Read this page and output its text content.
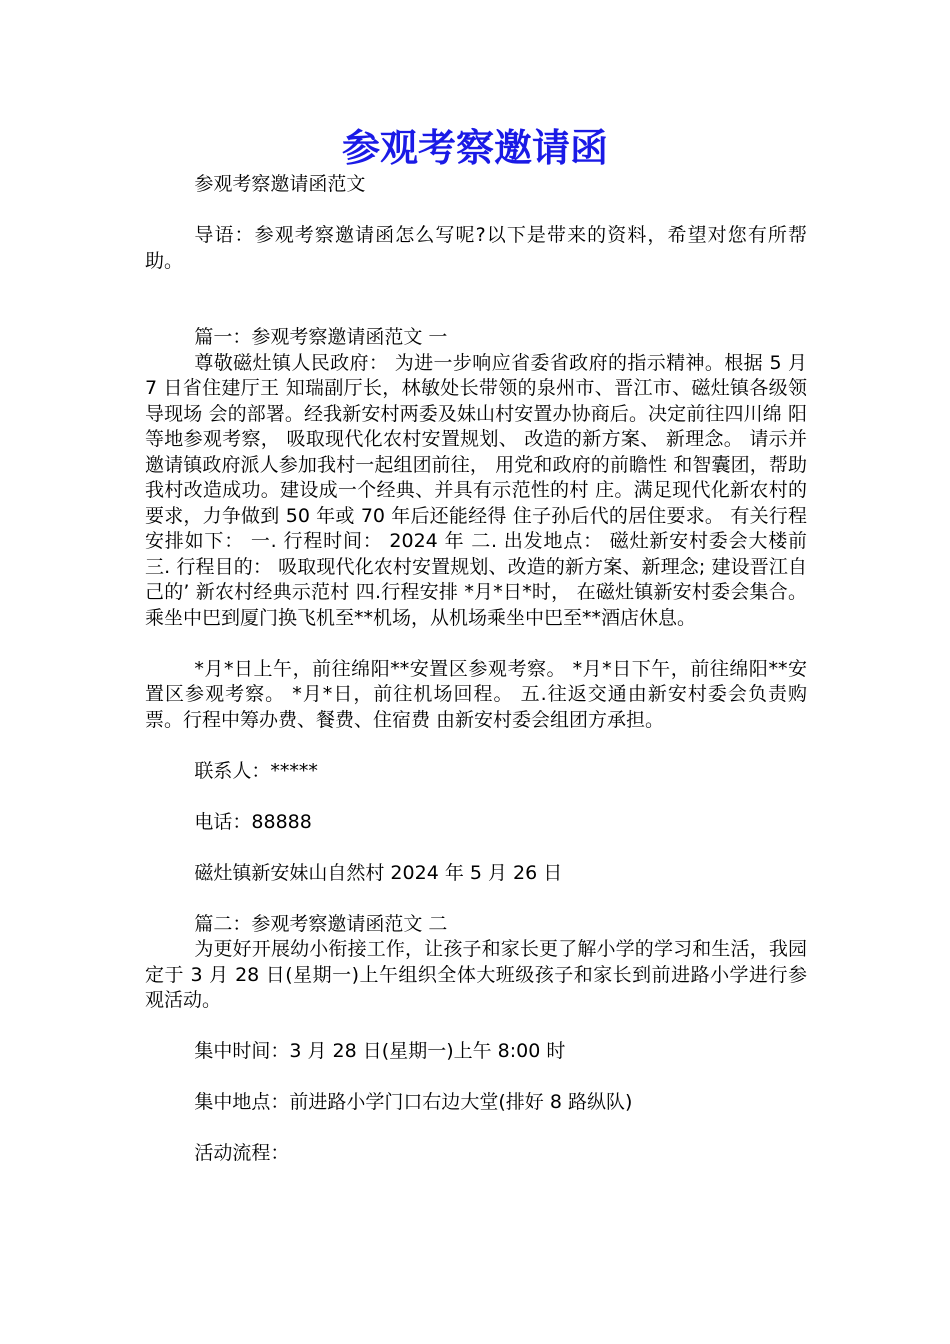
参观考察邀请函

参观考察邀请函范文

导语：参观考察邀请函怎么写呢?以下是带来的资料，希望对您有所帮助。

篇一：参观考察邀请函范文 一

尊敬磁灶镇人民政府： 为进一步响应省委省政府的指示精神。根据 5 月 7 日省住建厅王 知瑞副厅长，林敏处长带领的泉州市、晋江市、磁灶镇各级领导现场 会的部署。经我新安村两委及妹山村安置办协商后。决定前往四川绵 阳等地参观考察， 吸取现代化农村安置规划、 改造的新方案、 新理念。 请示并邀请镇政府派人参加我村一起组团前往， 用党和政府的前瞻性 和智囊团，帮助我村改造成功。建设成一个经典、并具有示范性的村 庄。满足现代化新农村的要求，力争做到 50 年或 70 年后还能经得 住子孙后代的居住要求。 有关行程安排如下： 一. 行程时间： 2024 年 二. 出发地点： 磁灶新安村委会大楼前 三. 行程目的： 吸取现代化农村安置规划、改造的新方案、新理念; 建设晋江自己的’ 新农村经典示范村 四.行程安排 *月*日*时， 在磁灶镇新安村委会集合。 乘坐中巴到厦门换飞机至**机场，从机场乘坐中巴至**酒店休息。

*月*日上午，前往绵阳**安置区参观考察。 *月*日下午，前往绵阳**安置区参观考察。 *月*日，前往机场回程。 五.往返交通由新安村委会负责购票。行程中筹办费、餐费、住宿费 由新安村委会组团方承担。

联系人：*****

电话：88888

磁灶镇新安妹山自然村 2024 年 5 月 26 日

篇二：参观考察邀请函范文 二

为更好开展幼小衔接工作，让孩子和家长更了解小学的学习和生活，我园定于 3 月 28 日(星期一)上午组织全体大班级孩子和家长到前进路小学进行参观活动。

集中时间：3 月 28 日(星期一)上午 8:00 时

集中地点：前进路小学门口右边大堂(排好 8 路纵队)

活动流程：
